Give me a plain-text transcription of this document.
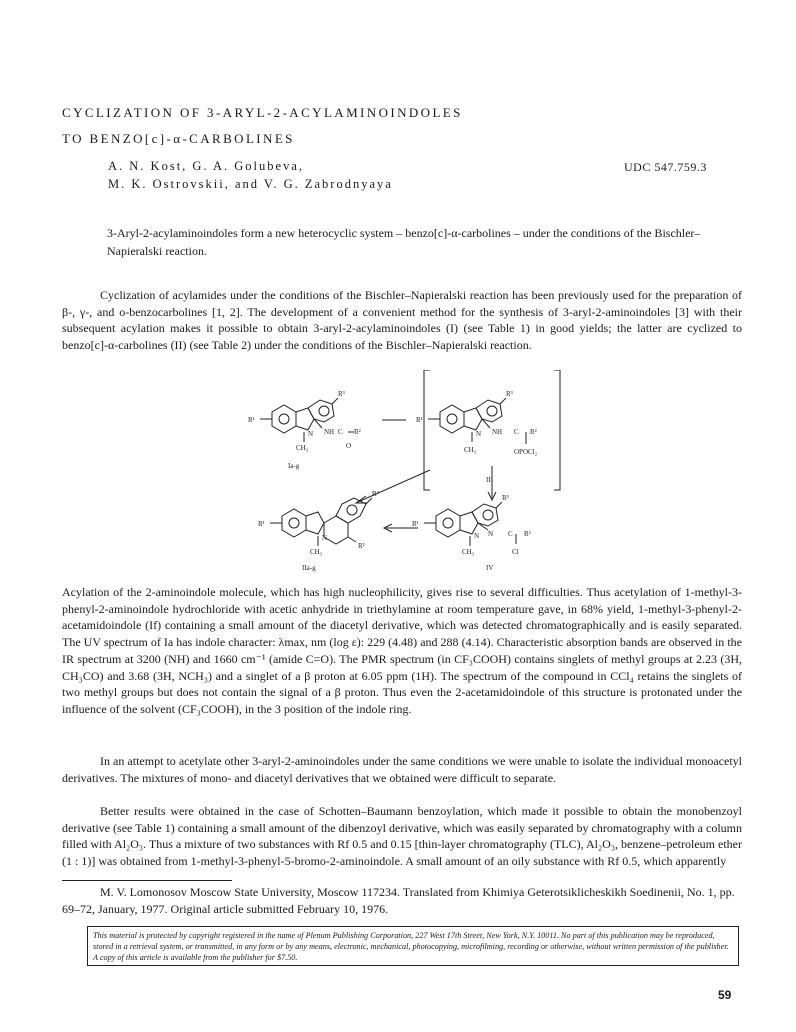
CYCLIZATION OF 3-ARYL-2-ACYLAMINOINDOLES
TO BENZO[c]-α-CARBOLINES
A. N. Kost, G. A. Golubeva,
M. K. Ostrovskii, and V. G. Zabrodnyaya
UDC 547.759.3
3-Aryl-2-acylaminoindoles form a new heterocyclic system – benzo[c]-α-carbolines – under the conditions of the Bischler–Napieralski reaction.

Cyclization of acylamides under the conditions of the Bischler–Napieralski reaction has been previously used for the preparation of β-, γ-, and o-benzocarbolines [1, 2]. The development of a convenient method for the synthesis of 3-aryl-2-aminoindoles [3] with their subsequent acylation makes it possible to obtain 3-aryl-2-acylaminoindoles (I) (see Table 1) in good yields; the latter are cyclized to benzo[c]-α-carbolines (II) (see Table 2) under the conditions of the Bischler–Napieralski reaction.

R¹
R³
NH C R²
O
CH₃
N
Ia-g
R¹
R³
NH C R²
OPOCl₂
CH₃
N
III
R¹
R³
R²
CH₃
N
IIa-g
R¹
R³
N C R²
Cl
CH₃
N
IV

Acylation of the 2-aminoindole molecule, which has high nucleophilicity, gives rise to several difficulties. Thus acetylation of 1-methyl-3-phenyl-2-aminoindole hydrochloride with acetic anhydride in triethylamine at room temperature gave, in 68% yield, 1-methyl-3-phenyl-2-acetamidoindole (If) containing a small amount of the diacetyl derivative, which was detected chromatographically and is easily separated. The UV spectrum of Ia has indole character: λmax, nm (log ε): 229 (4.48) and 288 (4.14). Characteristic absorption bands are observed in the IR spectrum at 3200 (NH) and 1660 cm⁻¹ (amide C=O). The PMR spectrum (in CF₃COOH) contains singlets of methyl groups at 2.23 (3H, CH₃CO) and 3.68 (3H, NCH₃) and a singlet of a β proton at 6.05 ppm (1H). The spectrum of the compound in CCl₄ retains the singlets of two methyl groups but does not contain the signal of a β proton. Thus even the 2-acetamidoindole of this structure is protonated under the influence of the solvent (CF₃COOH), in the 3 position of the indole ring.

In an attempt to acetylate other 3-aryl-2-aminoindoles under the same conditions we were unable to isolate the individual monoacetyl derivatives. The mixtures of mono- and diacetyl derivatives that we obtained were difficult to separate.

Better results were obtained in the case of Schotten–Baumann benzoylation, which made it possible to obtain the monobenzoyl derivative (see Table 1) containing a small amount of the dibenzoyl derivative, which was easily separated by chromatography with a column filled with Al₂O₃. Thus a mixture of two substances with Rf 0.5 and 0.15 [thin-layer chromatography (TLC), Al₂O₃, benzene–petroleum ether (1 : 1)] was obtained from 1-methyl-3-phenyl-5-bromo-2-aminoindole. A small amount of an oily substance with Rf 0.5, which apparently

M. V. Lomonosov Moscow State University, Moscow 117234. Translated from Khimiya Geterotsiklicheskikh Soedinenii, No. 1, pp. 69–72, January, 1977. Original article submitted February 10, 1976.

This material is protected by copyright registered in the name of Plenum Publishing Corporation, 227 West 17th Street, New York, N.Y. 10011. No part of this publication may be reproduced, stored in a retrieval system, or transmitted, in any form or by any means, electronic, mechanical, photocopying, microfilming, recording or otherwise, without written permission of the publisher. A copy of this article is available from the publisher for $7.50.
59
